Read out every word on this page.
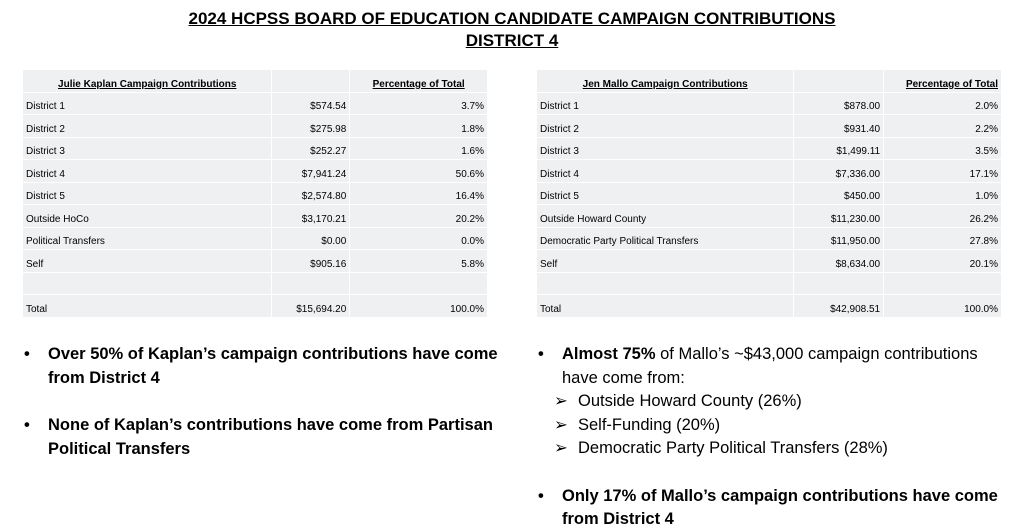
2024 HCPSS BOARD OF EDUCATION CANDIDATE CAMPAIGN CONTRIBUTIONS
DISTRICT 4
Julie Kaplan Campaign Contributions		Percentage of Total
District 1	$574.54	3.7%
District 2	$275.98	1.8%
District 3	$252.27	1.6%
District 4	$7,941.24	50.6%
District 5	$2,574.80	16.4%
Outside HoCo	$3,170.21	20.2%
Political Transfers	$0.00	0.0%
Self	$905.16	5.8%

Total	$15,694.20	100.0%
Jen Mallo Campaign Contributions		Percentage of Total
District 1	$878.00	2.0%
District 2	$931.40	2.2%
District 3	$1,499.11	3.5%
District 4	$7,336.00	17.1%
District 5	$450.00	1.0%
Outside Howard County	$11,230.00	26.2%
Democratic Party Political Transfers	$11,950.00	27.8%
Self	$8,634.00	20.1%

Total	$42,908.51	100.0%
• Over 50% of Kaplan’s campaign contributions have come from District 4
• None of Kaplan’s contributions have come from Partisan Political Transfers
• Almost 75% of Mallo’s ~$43,000 campaign contributions have come from:
➢ Outside Howard County (26%)
➢ Self-Funding (20%)
➢ Democratic Party Political Transfers (28%)
• Only 17% of Mallo’s campaign contributions have come from District 4
